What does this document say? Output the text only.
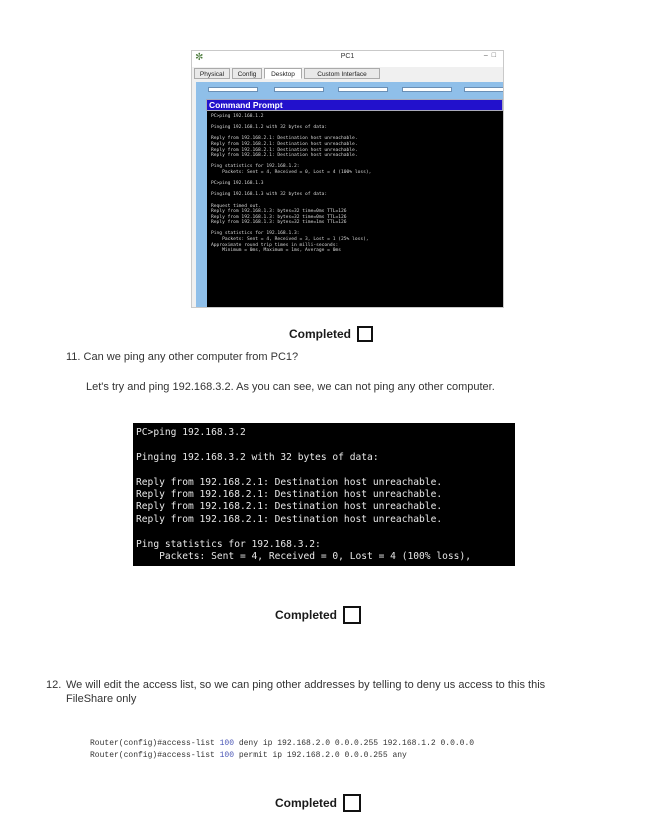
✼	PC1	–□
Physical	Config	Desktop	Custom Interface
Command Prompt
PC>ping 192.168.1.2
Pinging 192.168.1.2 with 32 bytes of data:
Reply from 192.168.2.1: Destination host unreachable.
Reply from 192.168.2.1: Destination host unreachable.
Reply from 192.168.2.1: Destination host unreachable.
Reply from 192.168.2.1: Destination host unreachable.
Ping statistics for 192.168.1.2:
Packets: Sent = 4, Received = 0, Lost = 4 (100% loss),
PC>ping 192.168.1.3
Pinging 192.168.1.3 with 32 bytes of data:
Request timed out.
Reply from 192.168.1.3: bytes=32 time=0ms TTL=126
Reply from 192.168.1.3: bytes=32 time=0ms TTL=126
Reply from 192.168.1.3: bytes=32 time=1ms TTL=126
Ping statistics for 192.168.1.3:
Packets: Sent = 4, Received = 3, Lost = 1 (25% loss),
Approximate round trip times in milli-seconds:
Minimum = 0ms, Maximum = 1ms, Average = 0ms
Completed
11. Can we ping any other computer from PC1?
Let's try and ping 192.168.3.2. As you can see, we can not ping any other computer.
PC>ping 192.168.3.2
Pinging 192.168.3.2 with 32 bytes of data:
Reply from 192.168.2.1: Destination host unreachable.
Reply from 192.168.2.1: Destination host unreachable.
Reply from 192.168.2.1: Destination host unreachable.
Reply from 192.168.2.1: Destination host unreachable.
Ping statistics for 192.168.3.2:
Packets: Sent = 4, Received = 0, Lost = 4 (100% loss),
Completed
12. We will edit the access list, so we can ping other addresses by telling to deny us access to this this
FileShare only
Router(config)#access-list 100 deny ip 192.168.2.0 0.0.0.255 192.168.1.2 0.0.0.0
Router(config)#access-list 100 permit ip 192.168.2.0 0.0.0.255 any
Completed
